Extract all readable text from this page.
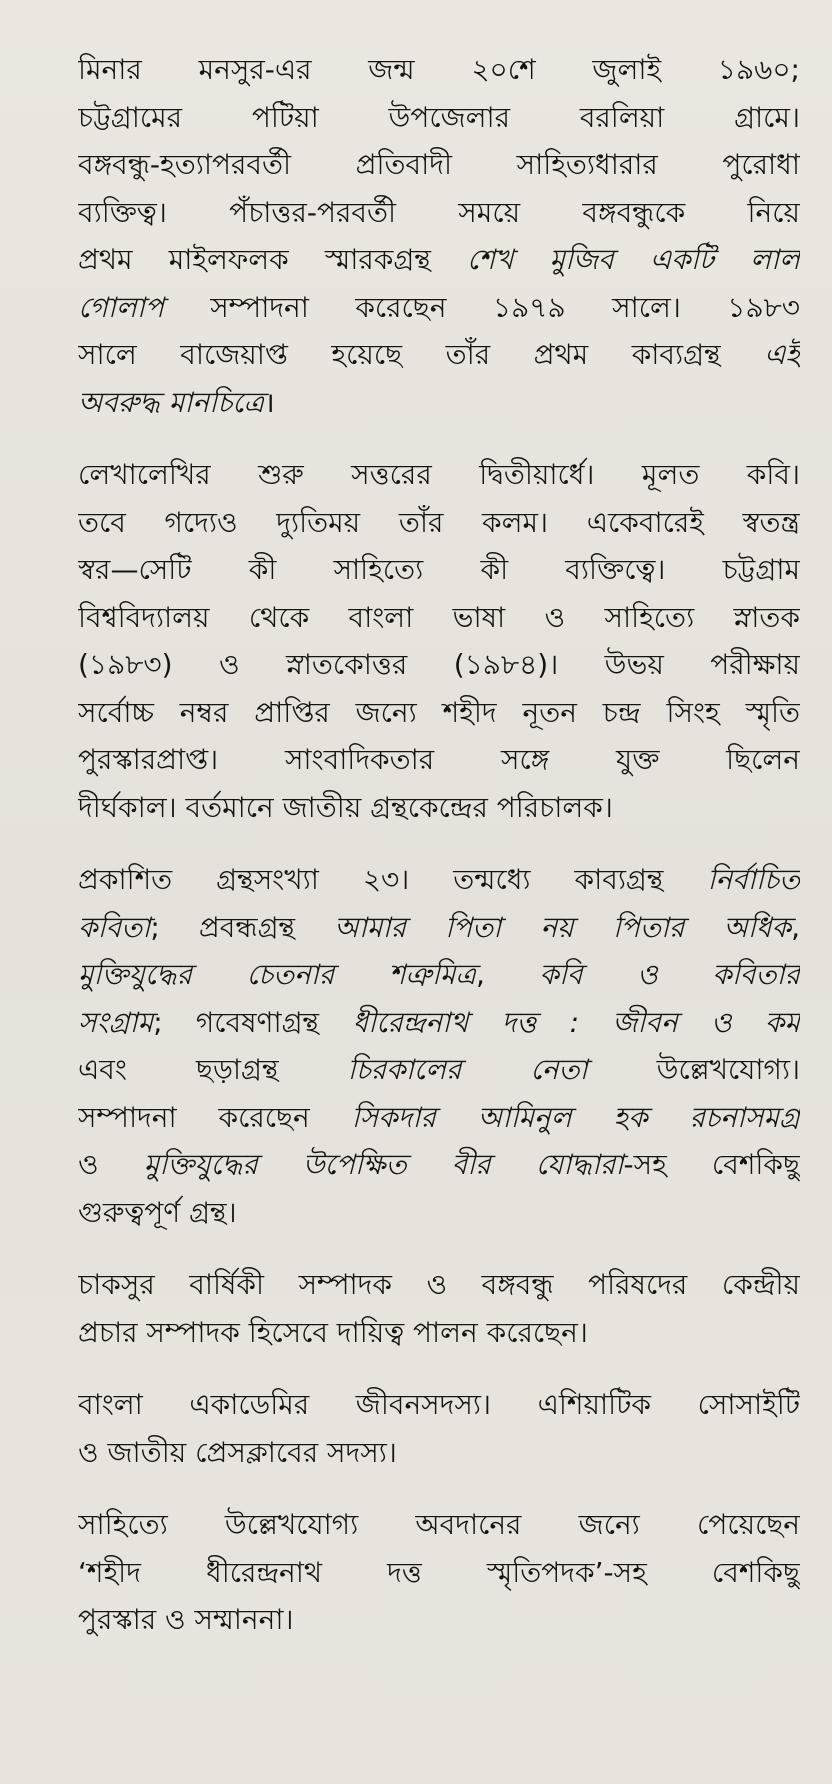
মিনার মনসুর-এর জন্ম ২০শে জুলাই ১৯৬০;
চট্টগ্রামের পটিয়া উপজেলার বরলিয়া গ্রামে।
বঙ্গবন্ধু-হত্যাপরবর্তী প্রতিবাদী সাহিত্যধারার পুরোধা
ব্যক্তিত্ব। পঁচাত্তর-পরবর্তী সময়ে বঙ্গবন্ধুকে নিয়ে
প্রথম মাইলফলক স্মারকগ্রন্থ শেখ মুজিব একটি লাল
গোলাপ সম্পাদনা করেছেন ১৯৭৯ সালে। ১৯৮৩
সালে বাজেয়াপ্ত হয়েছে তাঁর প্রথম কাব্যগ্রন্থ এই
অবরুদ্ধ মানচিত্রে।
লেখালেখির শুরু সত্তরের দ্বিতীয়ার্ধে। মূলত কবি।
তবে গদ্যেও দ্যুতিময় তাঁর কলম। একেবারেই স্বতন্ত্র
স্বর—সেটি কী সাহিত্যে কী ব্যক্তিত্বে। চট্টগ্রাম
বিশ্ববিদ্যালয় থেকে বাংলা ভাষা ও সাহিত্যে স্নাতক
(১৯৮৩) ও স্নাতকোত্তর (১৯৮৪)। উভয় পরীক্ষায়
সর্বোচ্চ নম্বর প্রাপ্তির জন্যে শহীদ নূতন চন্দ্র সিংহ স্মৃতি
পুরস্কারপ্রাপ্ত। সাংবাদিকতার সঙ্গে যুক্ত ছিলেন
দীর্ঘকাল। বর্তমানে জাতীয় গ্রন্থকেন্দ্রের পরিচালক।
প্রকাশিত গ্রন্থসংখ্যা ২৩। তন্মধ্যে কাব্যগ্রন্থ নির্বাচিত
কবিতা; প্রবন্ধগ্রন্থ আমার পিতা নয় পিতার অধিক,
মুক্তিযুদ্ধের চেতনার শত্রুমিত্র, কবি ও কবিতার
সংগ্রাম; গবেষণাগ্রন্থ ধীরেন্দ্রনাথ দত্ত : জীবন ও কর্ম
এবং ছড়াগ্রন্থ চিরকালের নেতা উল্লেখযোগ্য।
সম্পাদনা করেছেন সিকদার আমিনুল হক রচনাসমগ্র
ও মুক্তিযুদ্ধের উপেক্ষিত বীর যোদ্ধারা-সহ বেশকিছু
গুরুত্বপূর্ণ গ্রন্থ।
চাকসুর বার্ষিকী সম্পাদক ও বঙ্গবন্ধু পরিষদের কেন্দ্রীয়
প্রচার সম্পাদক হিসেবে দায়িত্ব পালন করেছেন।
বাংলা একাডেমির জীবনসদস্য। এশিয়াটিক সোসাইটি
ও জাতীয় প্রেসক্লাবের সদস্য।
সাহিত্যে উল্লেখযোগ্য অবদানের জন্যে পেয়েছেন
‘শহীদ ধীরেন্দ্রনাথ দত্ত স্মৃতিপদক’-সহ বেশকিছু
পুরস্কার ও সম্মাননা।
